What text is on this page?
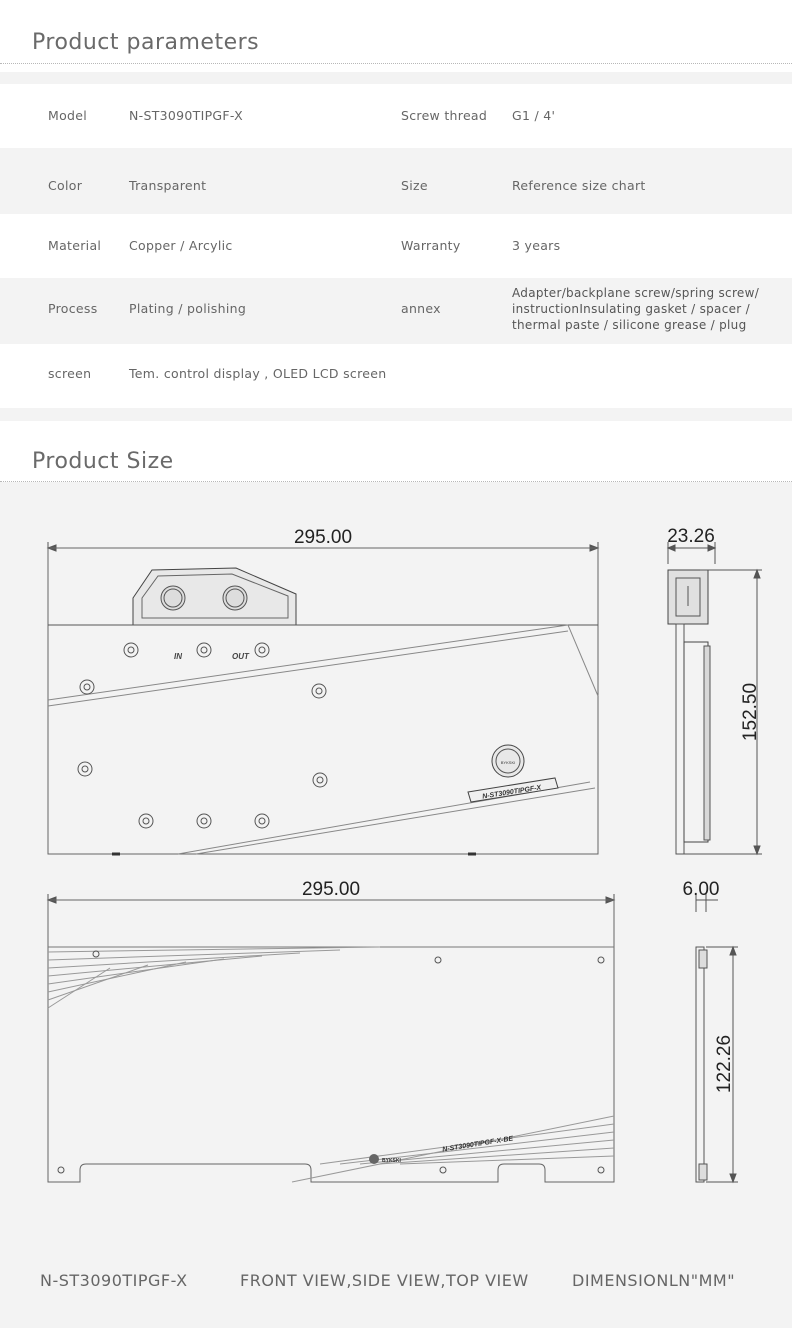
Product parameters
Model	N-ST3090TIPGF-X	Screw thread G1 / 4'
Color	Transparent	Size	Reference size chart
Material Copper / Arcylic	Warranty	3 years
Process	Plating / polishing	annex
Adapter/backplane screw/spring screw/
instructionInsulating gasket / spacer /
thermal paste / silicone grease / plug
screen	Tem. control display , OLED LCD screen
Product Size
295.00	23.26
152.50
295.00	6.00
122.26
IN	OUT
BYKSKI
N-ST3090TIPGF-X
N-ST3090TIPGF-X-BE
BYKSKI
N-ST3090TIPGF-X	FRONT VIEW,SIDE VIEW,TOP VIEW	DIMENSIONLN"MM"
